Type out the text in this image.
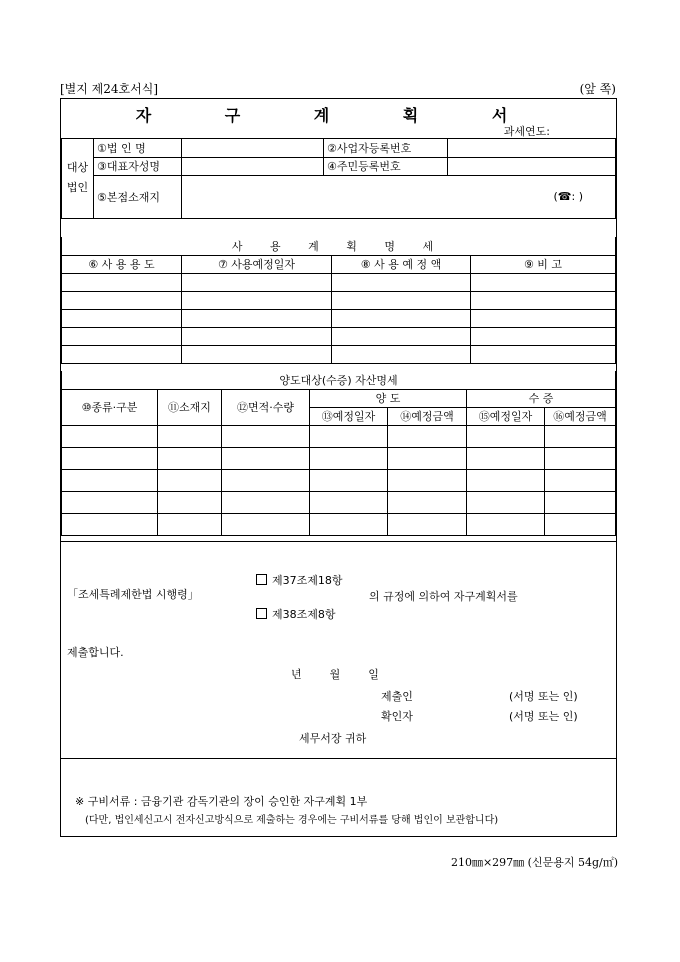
[별지 제24호서식]	(앞 쪽)
자 구 계 획 서
과세연도:
대상
법인	①법 인 명		②사업자등록번호	
	③대표자성명		④주민등록번호	
	⑤본점소재지	(☎: )		
사 용 계 획 명 세			
⑥ 사 용 용 도	⑦ 사용예정일자	⑧ 사 용 예 정 액	⑨ 비 고

양도대상(수증) 자산명세						
⑩종류·구분	⑪소재지	⑫면적·수량	양 도		수 증	
			⑬예정일자	⑭예정금액	⑮예정일자	⑯예정금액

「조세특례제한법 시행령」
제37조제18항
제38조제8항
의 규정에 의하여 자구계획서를
제출합니다.
년        월        일
제출인	(서명 또는 인)
확인자	(서명 또는 인)
세무서장 귀하
※ 구비서류 : 금융기관 감독기관의 장이 승인한 자구계획 1부
(다만, 법인세신고시 전자신고방식으로 제출하는 경우에는 구비서류를 당해 법인이 보관합니다)
210㎜×297㎜ (신문용지 54g/㎡)
